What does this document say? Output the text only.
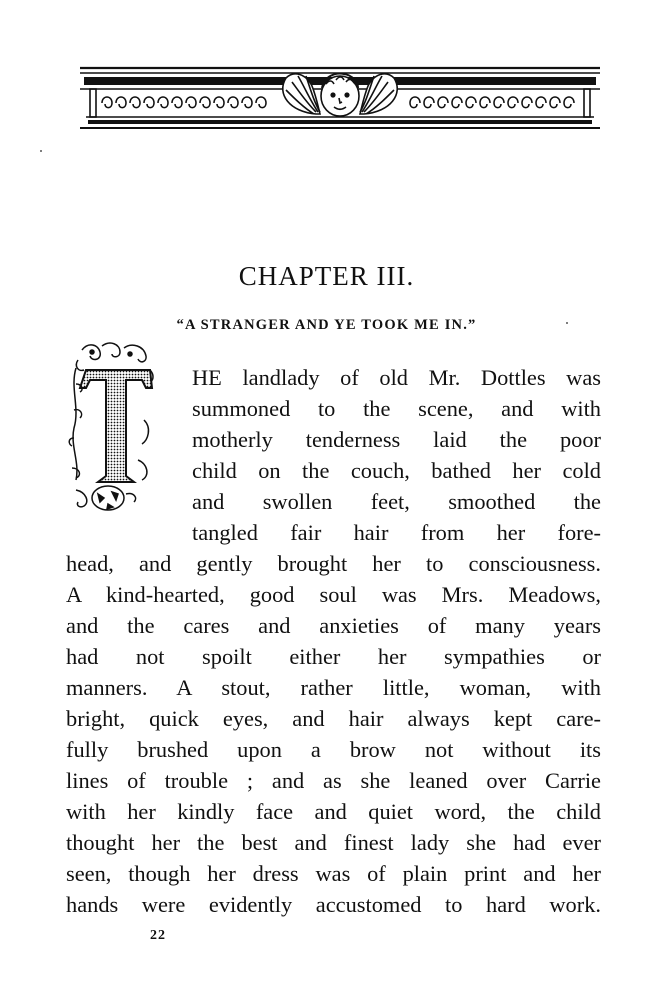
CHAPTER III.
“A STRANGER AND YE TOOK ME IN.”
T
HE landlady of old Mr. Dottles was
summoned to the scene, and with
motherly tenderness laid the poor
child on the couch, bathed her cold
and swollen feet, smoothed the
tangled fair hair from her fore-
head, and gently brought her to consciousness.
A kind-hearted, good soul was Mrs. Meadows,
and the cares and anxieties of many years
had not spoilt either her sympathies or
manners. A stout, rather little, woman, with
bright, quick eyes, and hair always kept care-
fully brushed upon a brow not without its
lines of trouble ; and as she leaned over Carrie
with her kindly face and quiet word, the child
thought her the best and finest lady she had ever
seen, though her dress was of plain print and her
hands were evidently accustomed to hard work.

22
